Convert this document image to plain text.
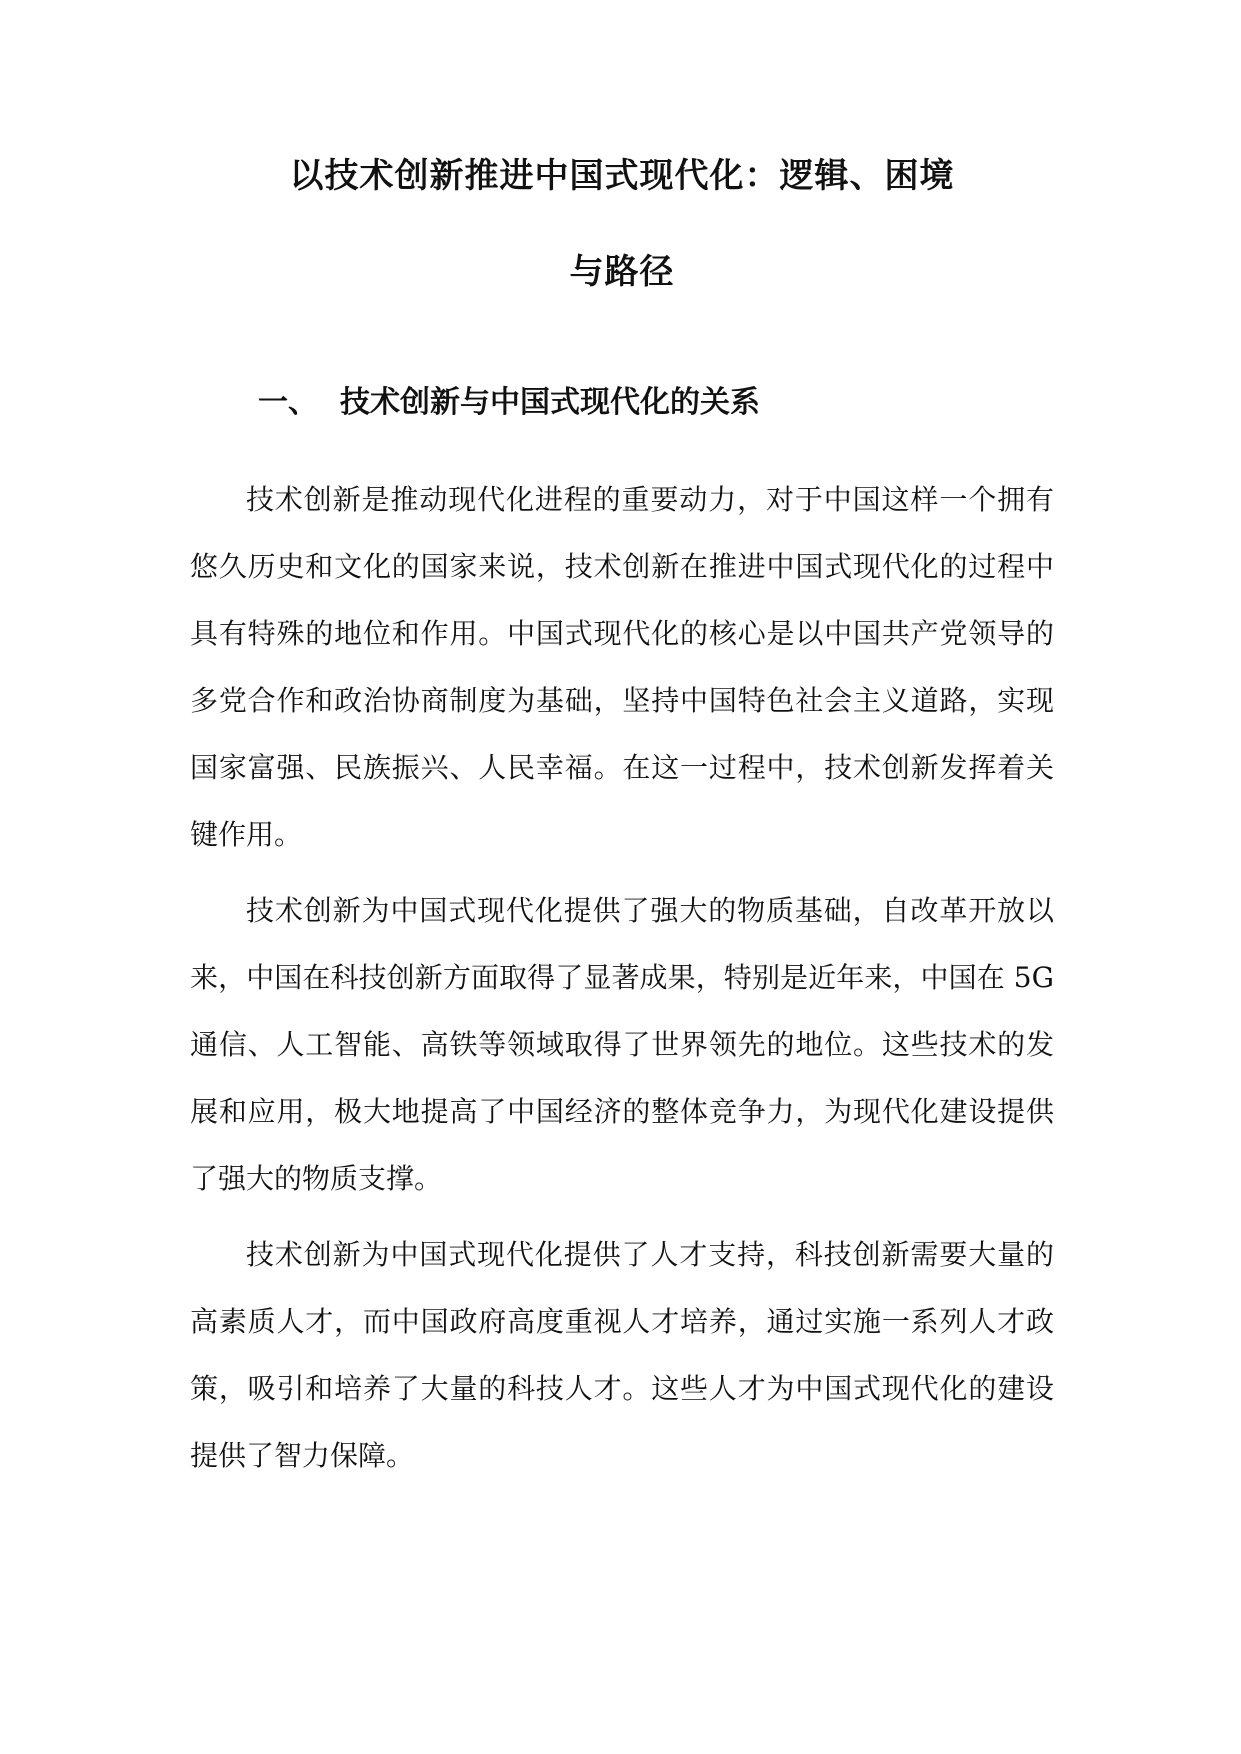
以技术创新推进中国式现代化：逻辑、困境
与路径
一、 技术创新与中国式现代化的关系

技术创新是推动现代化进程的重要动力，对于中国这样一个拥有悠久历史和文化的国家来说，技术创新在推进中国式现代化的过程中具有特殊的地位和作用。中国式现代化的核心是以中国共产党领导的多党合作和政治协商制度为基础，坚持中国特色社会主义道路，实现国家富强、民族振兴、人民幸福。在这一过程中，技术创新发挥着关键作用。

技术创新为中国式现代化提供了强大的物质基础，自改革开放以来，中国在科技创新方面取得了显著成果，特别是近年来，中国在 5G 通信、人工智能、高铁等领域取得了世界领先的地位。这些技术的发展和应用，极大地提高了中国经济的整体竞争力，为现代化建设提供了强大的物质支撑。

技术创新为中国式现代化提供了人才支持，科技创新需要大量的高素质人才，而中国政府高度重视人才培养，通过实施一系列人才政策，吸引和培养了大量的科技人才。这些人才为中国式现代化的建设提供了智力保障。
